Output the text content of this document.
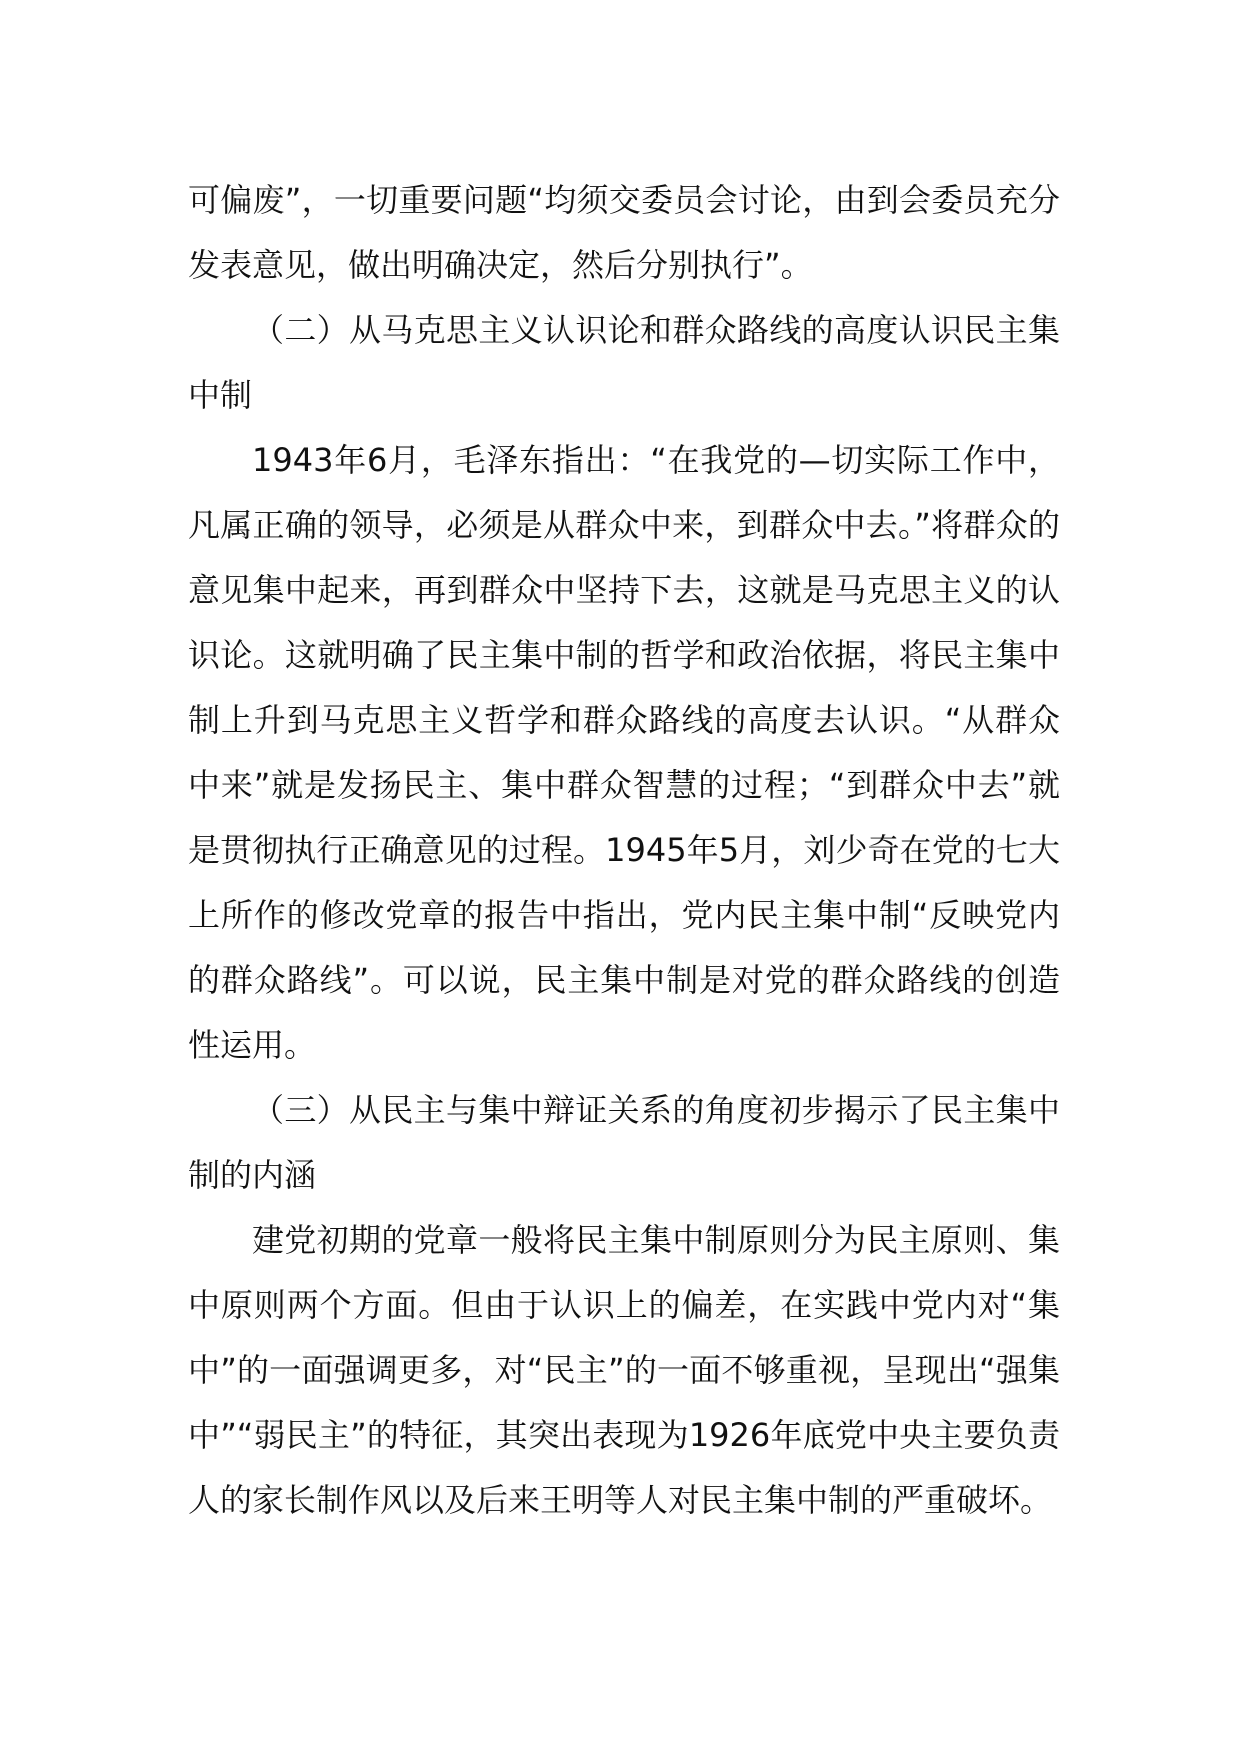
可偏废”，一切重要问题“均须交委员会讨论，由到会委员充分发表意见，做出明确决定，然后分别执行”。

（二）从马克思主义认识论和群众路线的高度认识民主集中制

1943年6月，毛泽东指出：“在我党的—切实际工作中，凡属正确的领导，必须是从群众中来，到群众中去。”将群众的意见集中起来，再到群众中坚持下去，这就是马克思主义的认识论。这就明确了民主集中制的哲学和政治依据，将民主集中制上升到马克思主义哲学和群众路线的高度去认识。“从群众中来”就是发扬民主、集中群众智慧的过程；“到群众中去”就是贯彻执行正确意见的过程。1945年5月，刘少奇在党的七大上所作的修改党章的报告中指出，党内民主集中制“反映党内的群众路线”。可以说，民主集中制是对党的群众路线的创造性运用。

（三）从民主与集中辩证关系的角度初步揭示了民主集中制的内涵

建党初期的党章一般将民主集中制原则分为民主原则、集中原则两个方面。但由于认识上的偏差，在实践中党内对“集中”的一面强调更多，对“民主”的一面不够重视，呈现出“强集中”“弱民主”的特征，其突出表现为1926年底党中央主要负责人的家长制作风以及后来王明等人对民主集中制的严重破坏。
